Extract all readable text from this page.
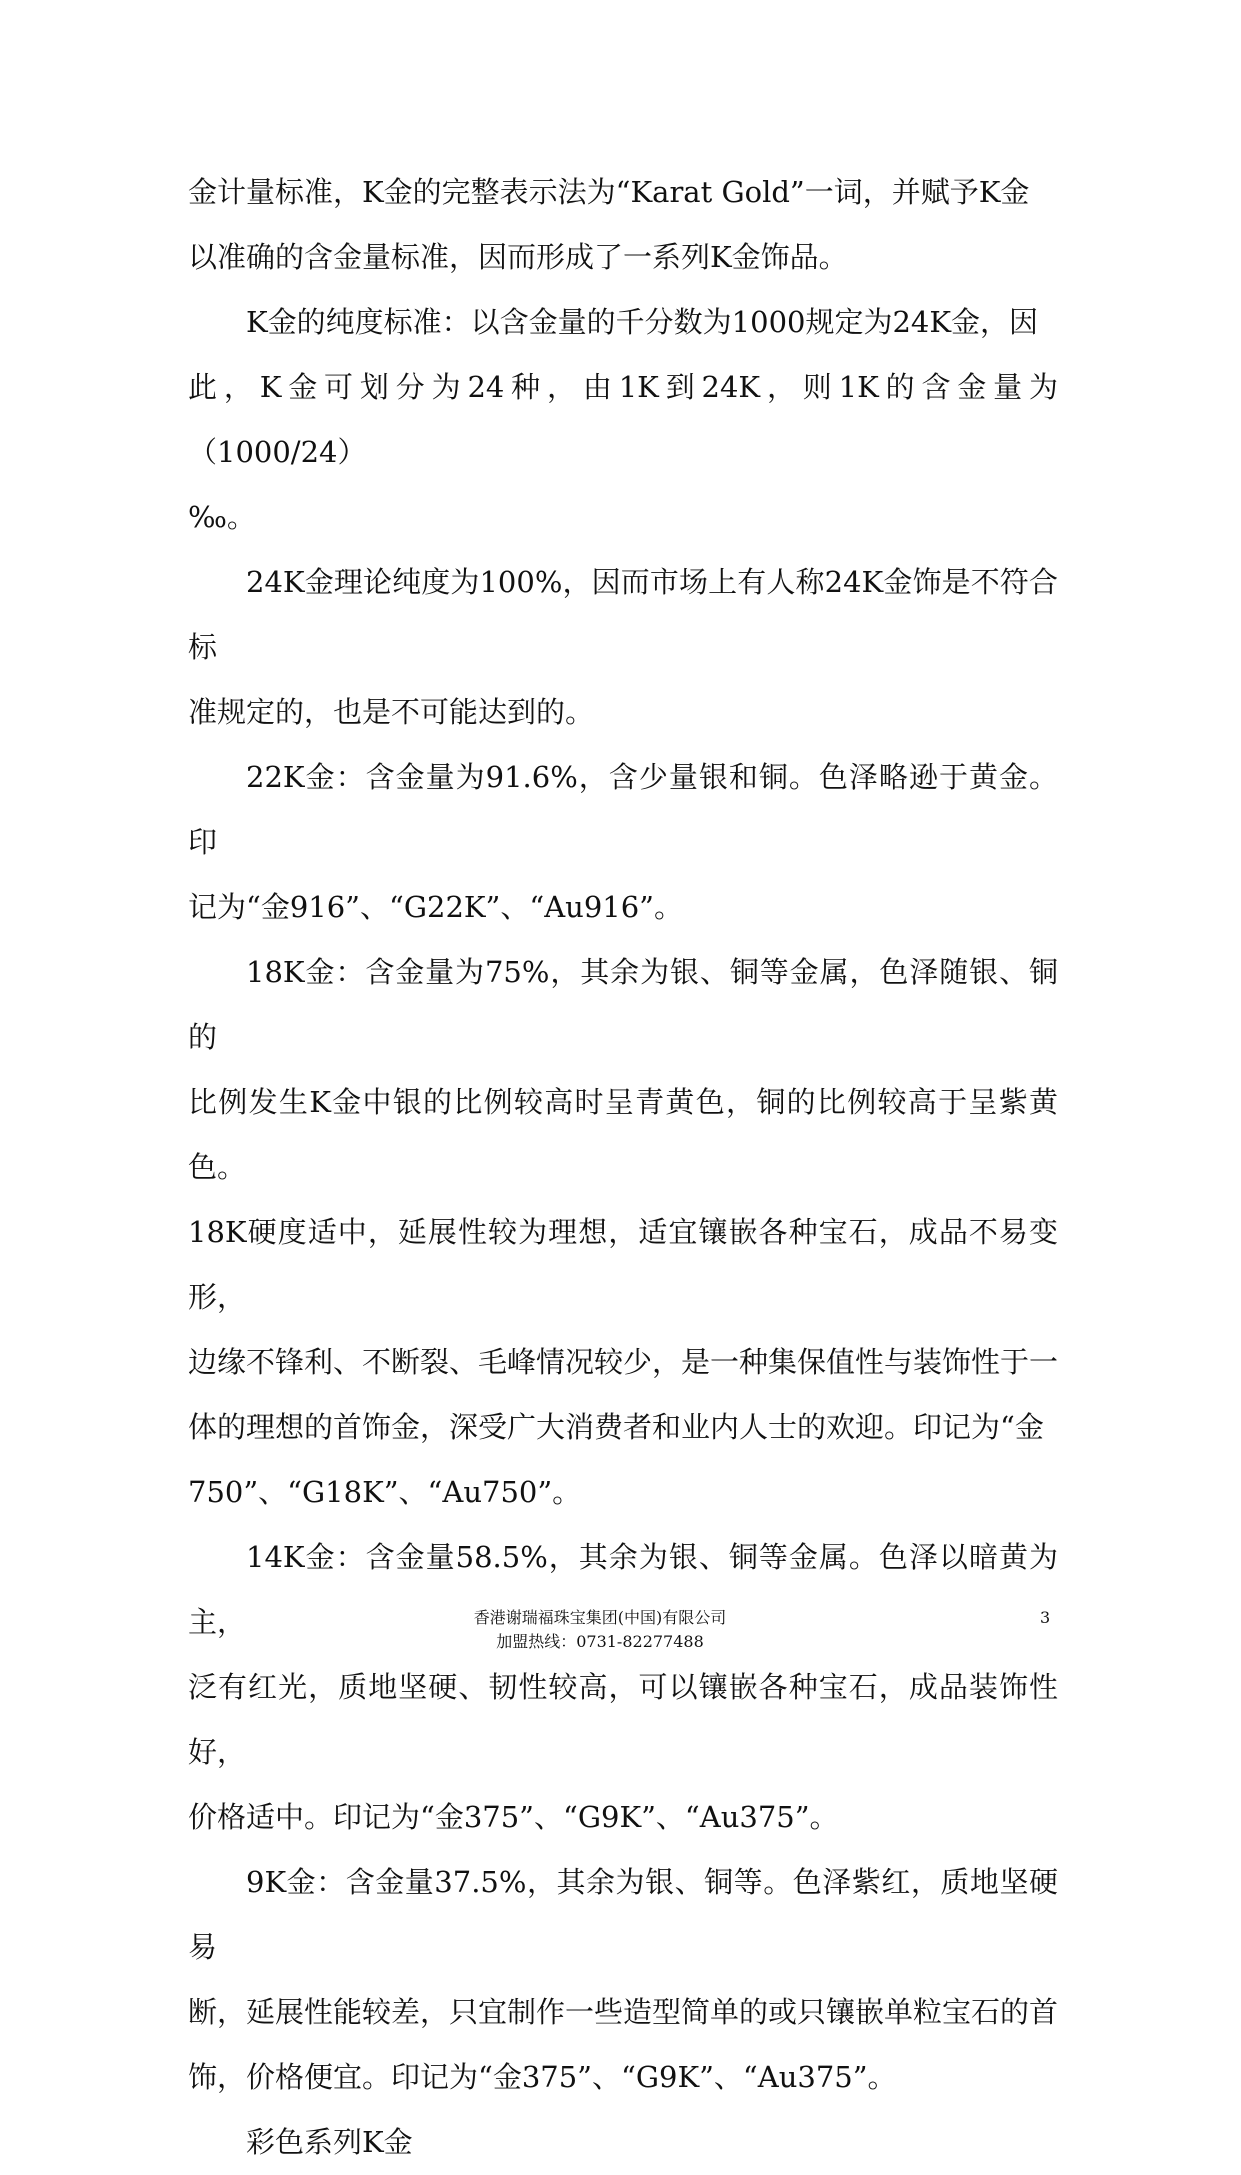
金计量标准，K金的完整表示法为“Karat Gold”一词，并赋予K金
以准确的含金量标准，因而形成了一系列K金饰品。

K金的纯度标准：以含金量的千分数为1000规定为24K金，因
此，K金可划分为24种，由1K到24K，则1K的含金量为（1000/24）
‰。

24K金理论纯度为100%，因而市场上有人称24K金饰是不符合标
准规定的，也是不可能达到的。

22K金：含金量为91.6%，含少量银和铜。色泽略逊于黄金。印
记为“金916”、“G22K”、“Au916”。

18K金：含金量为75%，其余为银、铜等金属，色泽随银、铜的
比例发生K金中银的比例较高时呈青黄色，铜的比例较高于呈紫黄色。
18K硬度适中，延展性较为理想，适宜镶嵌各种宝石，成品不易变形，
边缘不锋利、不断裂、毛峰情况较少，是一种集保值性与装饰性于一
体的理想的首饰金，深受广大消费者和业内人士的欢迎。印记为“金
750”、“G18K”、“Au750”。

14K金：含金量58.5%，其余为银、铜等金属。色泽以暗黄为主，
泛有红光，质地坚硬、韧性较高，可以镶嵌各种宝石，成品装饰性好，
价格适中。印记为“金375”、“G9K”、“Au375”。

9K金：含金量37.5%，其余为银、铜等。色泽紫红，质地坚硬易
断，延展性能较差，只宜制作一些造型简单的或只镶嵌单粒宝石的首
饰，价格便宜。印记为“金375”、“G9K”、“Au375”。

彩色系列K金

香港谢瑞福珠宝集团(中国)有限公司
加盟热线：0731-82277488
3
